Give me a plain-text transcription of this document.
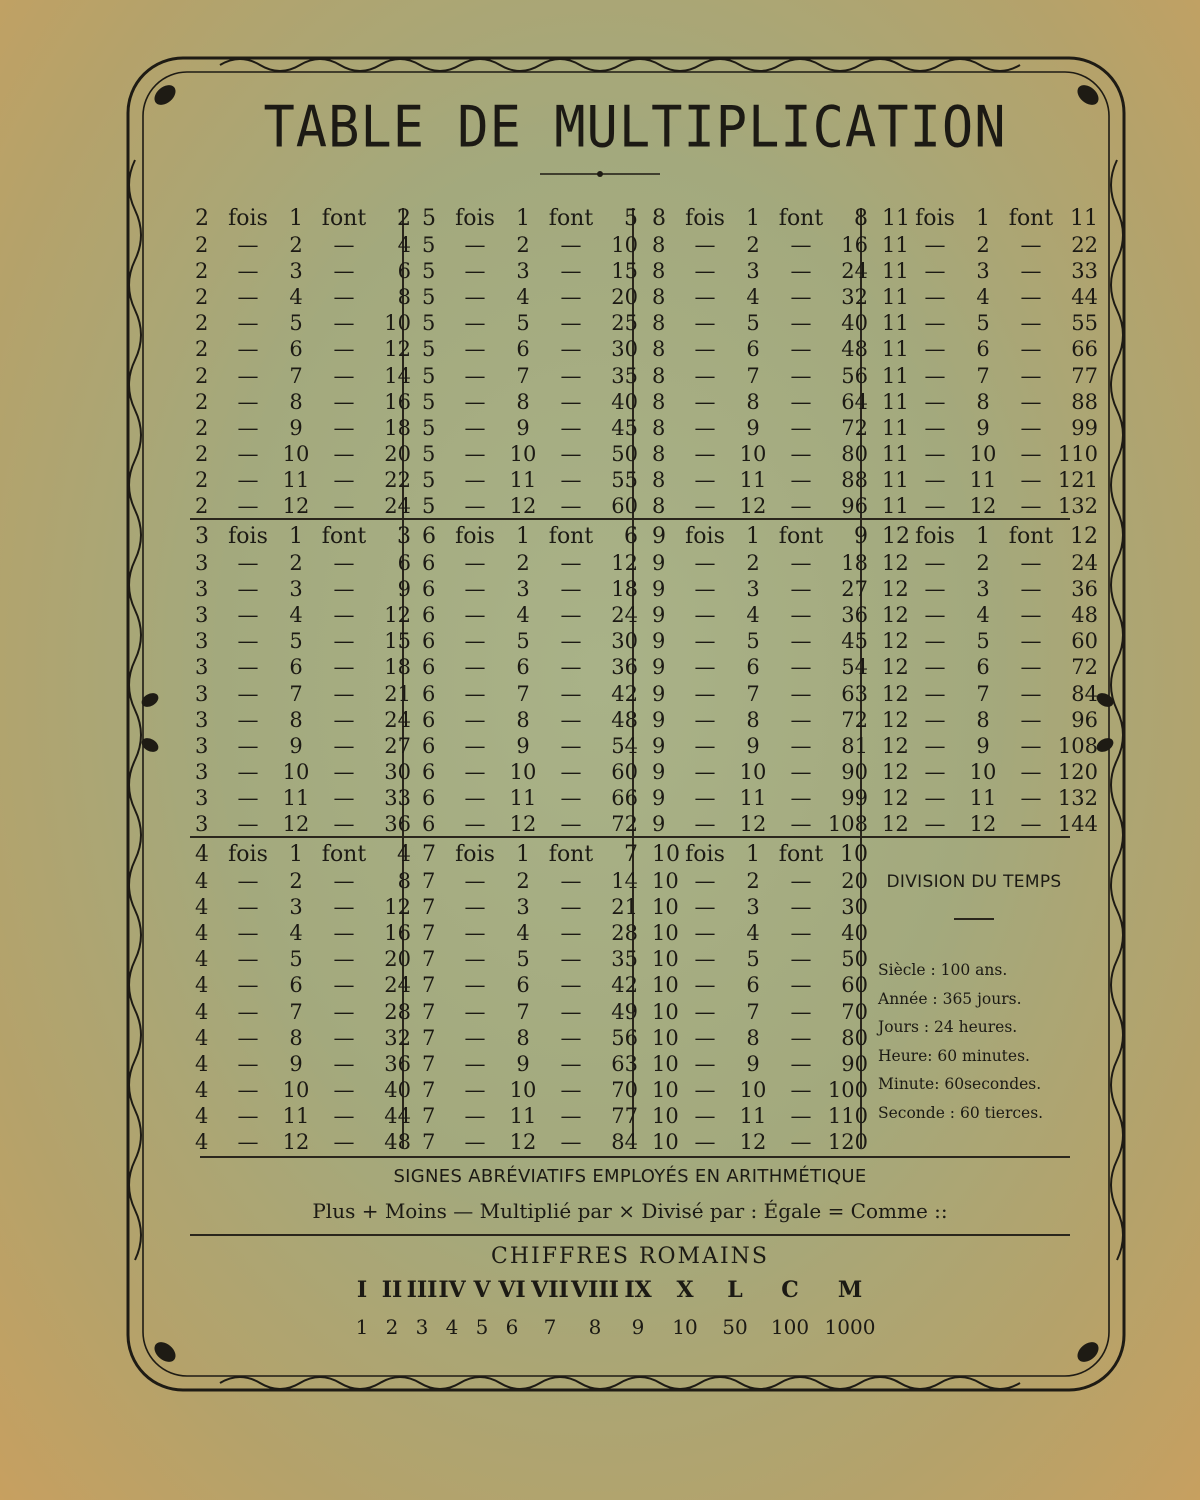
TABLE DE MULTIPLICATION
2 fois 1 font	2
2	—	2	—	4
2	—	3	—	6
2	—	4	—	8
2	—	5	—	10
2	—	6	—	12
2	—	7	—	14
2	—	8	—	16
2	—	9	—	18
2	—	10	—	20
2	—	11	—	22
2	—	12	—	24
3 fois 1 font	3
3	—	2	—	6
3	—	3	—	9
3	—	4	—	12
3	—	5	—	15
3	—	6	—	18
3	—	7	—	21
3	—	8	—	24
3	—	9	—	27
3	—	10	—	30
3	—	11	—	33
3	—	12	—	36
4 fois 1 font	4
4	—	2	—	8
4	—	3	—	12
4	—	4	—	16
4	—	5	—	20
4	—	6	—	24
4	—	7	—	28
4	—	8	—	32
4	—	9	—	36
4	—	10	—	40
4	—	11	—	44
4	—	12	—	48
5 fois 1 font	5
5	—	2	—	10
5	—	3	—	15
5	—	4	—	20
5	—	5	—	25
5	—	6	—	30
5	—	7	—	35
5	—	8	—	40
5	—	9	—	45
5	—	10	—	50
5	—	11	—	55
5	—	12	—	60
6 fois 1 font	6
6	—	2	—	12
6	—	3	—	18
6	—	4	—	24
6	—	5	—	30
6	—	6	—	36
6	—	7	—	42
6	—	8	—	48
6	—	9	—	54
6	—	10	—	60
6	—	11	—	66
6	—	12	—	72
7 fois 1 font	7
7	—	2	—	14
7	—	3	—	21
7	—	4	—	28
7	—	5	—	35
7	—	6	—	42
7	—	7	—	49
7	—	8	—	56
7	—	9	—	63
7	—	10	—	70
7	—	11	—	77
7	—	12	—	84
8 fois 1 font	8
8	—	2	—	16
8	—	3	—	24
8	—	4	—	32
8	—	5	—	40
8	—	6	—	48
8	—	7	—	56
8	—	8	—	64
8	—	9	—	72
8	—	10	—	80
8	—	11	—	88
8	—	12	—	96
9 fois 1 font	9
9	—	2	—	18
9	—	3	—	27
9	—	4	—	36
9	—	5	—	45
9	—	6	—	54
9	—	7	—	63
9	—	8	—	72
9	—	9	—	81
9	—	10	—	90
9	—	11	—	99
9	—	12	— 108
10 fois 1 font 10
10 —	2	—	20
10 —	3	—	30
10 —	4	—	40
10 —	5	—	50
10 —	6	—	60
10 —	7	—	70
10 —	8	—	80
10 —	9	—	90
10 —	10	— 100
10 —	11	— 110
10 —	12	— 120
11 fois 1 font 11
11 —	2	—	22
11 —	3	—	33
11 —	4	—	44
11 —	5	—	55
11 —	6	—	66
11 —	7	—	77
11 —	8	—	88
11 —	9	—	99
11 —	10	— 110
11 —	11	— 121
11 —	12	— 132
12 fois 1 font 12
12 —	2	—	24
12 —	3	—	36
12 —	4	—	48
12 —	5	—	60
12 —	6	—	72
12 —	7	—	84
12 —	8	—	96
12 —	9	— 108
12 —	10	— 120
12 —	11	— 132
12 —	12	— 144
DIVISION DU TEMPS
Siècle : 100 ans.
Année : 365 jours.
Jours : 24 heures.
Heure: 60 minutes.
Minute: 60secondes.
Seconde : 60 tierces.
SIGNES ABRÉVIATIFS EMPLOYÉS EN ARITHMÉTIQUE
Plus + Moins — Multiplié par × Divisé par : Égale = Comme ::
CHIFFRES ROMAINS
I II III IV V VI VII VIII IX X L C M
1 2 3 4 5 6 7 8 9 10 50 100 1000
